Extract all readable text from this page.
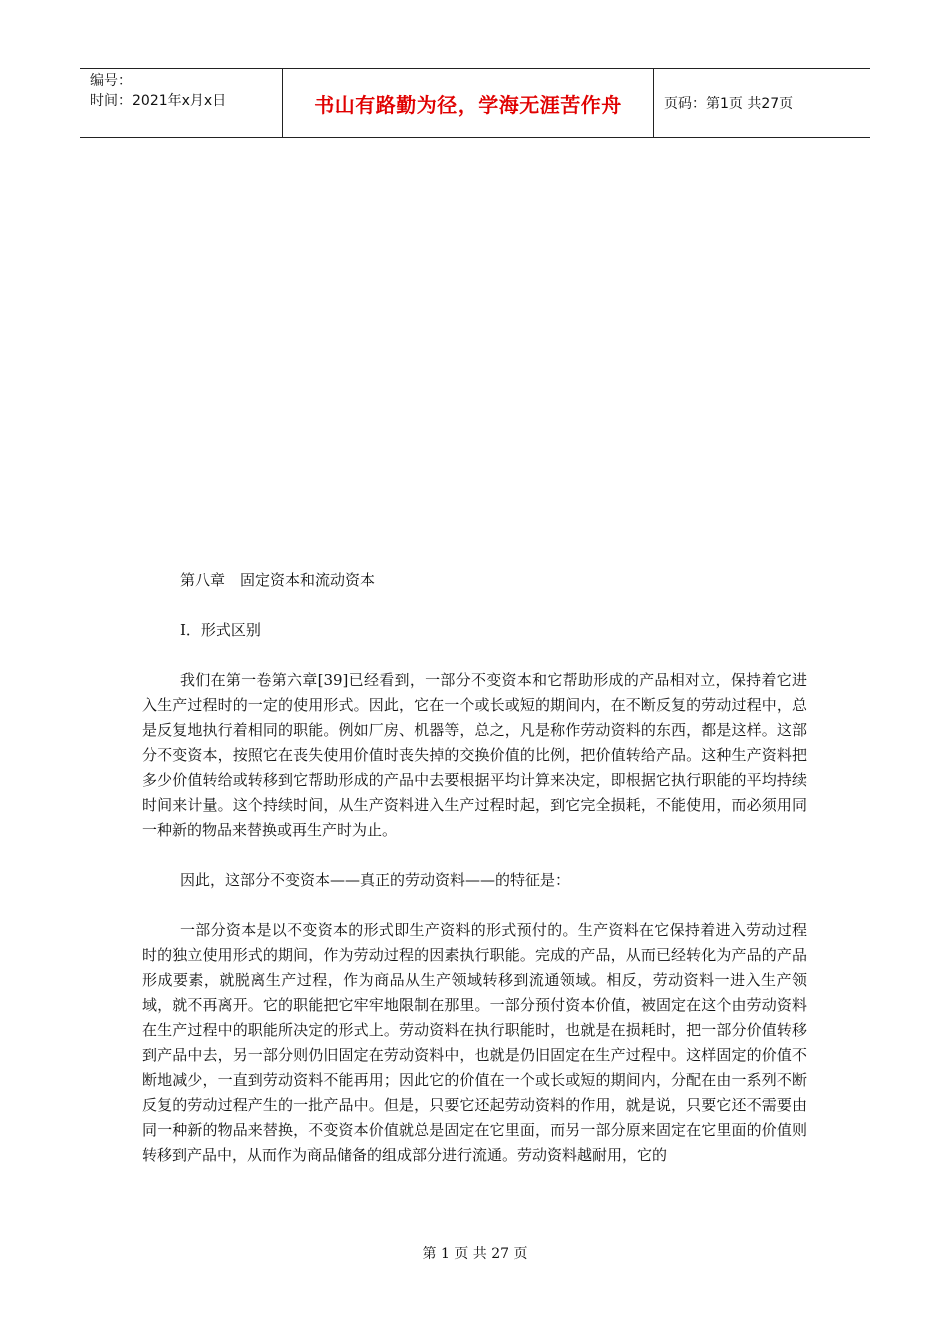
编号：
时间：2021年x月x日	书山有路勤为径，学海无涯苦作舟	页码：第1页 共27页

第八章　固定资本和流动资本

Ⅰ．形式区别

我们在第一卷第六章[39]已经看到，一部分不变资本和它帮助形成的产品相对立，保持着它进入生产过程时的一定的使用形式。因此，它在一个或长或短的期间内，在不断反复的劳动过程中，总是反复地执行着相同的职能。例如厂房、机器等，总之，凡是称作劳动资料的东西，都是这样。这部分不变资本，按照它在丧失使用价值时丧失掉的交换价值的比例，把价值转给产品。这种生产资料把多少价值转给或转移到它帮助形成的产品中去要根据平均计算来决定，即根据它执行职能的平均持续时间来计量。这个持续时间，从生产资料进入生产过程时起，到它完全损耗，不能使用，而必须用同一种新的物品来替换或再生产时为止。

因此，这部分不变资本——真正的劳动资料——的特征是：

一部分资本是以不变资本的形式即生产资料的形式预付的。生产资料在它保持着进入劳动过程时的独立使用形式的期间，作为劳动过程的因素执行职能。完成的产品，从而已经转化为产品的产品形成要素，就脱离生产过程，作为商品从生产领域转移到流通领域。相反，劳动资料一进入生产领域，就不再离开。它的职能把它牢牢地限制在那里。一部分预付资本价值，被固定在这个由劳动资料在生产过程中的职能所决定的形式上。劳动资料在执行职能时，也就是在损耗时，把一部分价值转移到产品中去，另一部分则仍旧固定在劳动资料中，也就是仍旧固定在生产过程中。这样固定的价值不断地减少，一直到劳动资料不能再用；因此它的价值在一个或长或短的期间内，分配在由一系列不断反复的劳动过程产生的一批产品中。但是，只要它还起劳动资料的作用，就是说，只要它还不需要由同一种新的物品来替换，不变资本价值就总是固定在它里面，而另一部分原来固定在它里面的价值则转移到产品中，从而作为商品储备的组成部分进行流通。劳动资料越耐用，它的

第 1 页 共 27 页
